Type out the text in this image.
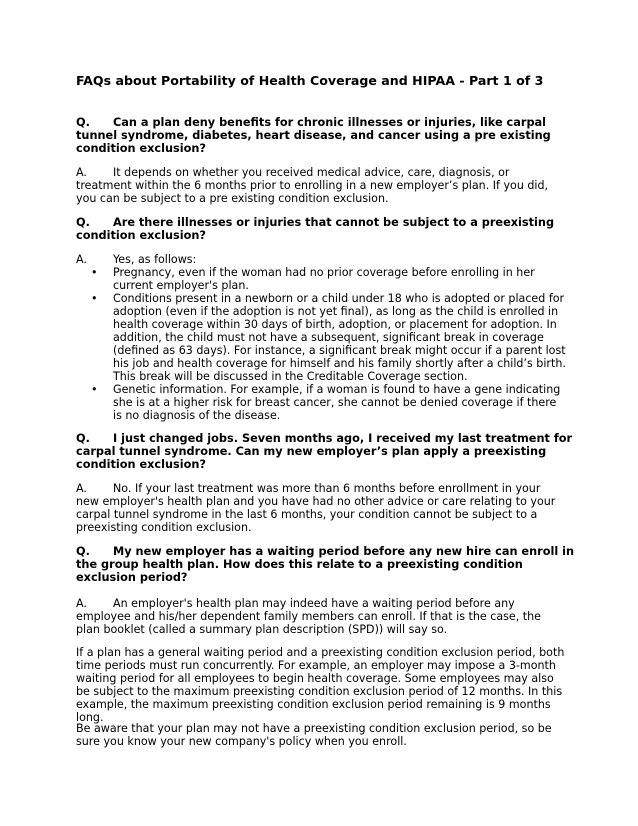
FAQs about Portability of Health Coverage and HIPAA - Part 1 of 3
Q. Can a plan deny benefits for chronic illnesses or injuries, like carpal tunnel syndrome, diabetes, heart disease, and cancer using a pre existing condition exclusion?
A. It depends on whether you received medical advice, care, diagnosis, or treatment within the 6 months prior to enrolling in a new employer’s plan. If you did, you can be subject to a pre existing condition exclusion.
Q. Are there illnesses or injuries that cannot be subject to a preexisting condition exclusion?
A. Yes, as follows:
• Pregnancy, even if the woman had no prior coverage before enrolling in her current employer's plan.
• Conditions present in a newborn or a child under 18 who is adopted or placed for adoption (even if the adoption is not yet final), as long as the child is enrolled in health coverage within 30 days of birth, adoption, or placement for adoption. In addition, the child must not have a subsequent, significant break in coverage (defined as 63 days). For instance, a significant break might occur if a parent lost his job and health coverage for himself and his family shortly after a child’s birth. This break will be discussed in the Creditable Coverage section.
• Genetic information. For example, if a woman is found to have a gene indicating she is at a higher risk for breast cancer, she cannot be denied coverage if there is no diagnosis of the disease.
Q. I just changed jobs. Seven months ago, I received my last treatment for carpal tunnel syndrome. Can my new employer’s plan apply a preexisting condition exclusion?
A. No. If your last treatment was more than 6 months before enrollment in your new employer's health plan and you have had no other advice or care relating to your carpal tunnel syndrome in the last 6 months, your condition cannot be subject to a preexisting condition exclusion.
Q. My new employer has a waiting period before any new hire can enroll in the group health plan. How does this relate to a preexisting condition exclusion period?
A. An employer's health plan may indeed have a waiting period before any employee and his/her dependent family members can enroll. If that is the case, the plan booklet (called a summary plan description (SPD)) will say so.
If a plan has a general waiting period and a preexisting condition exclusion period, both time periods must run concurrently. For example, an employer may impose a 3-month waiting period for all employees to begin health coverage. Some employees may also be subject to the maximum preexisting condition exclusion period of 12 months. In this example, the maximum preexisting condition exclusion period remaining is 9 months long.
Be aware that your plan may not have a preexisting condition exclusion period, so be sure you know your new company's policy when you enroll.
